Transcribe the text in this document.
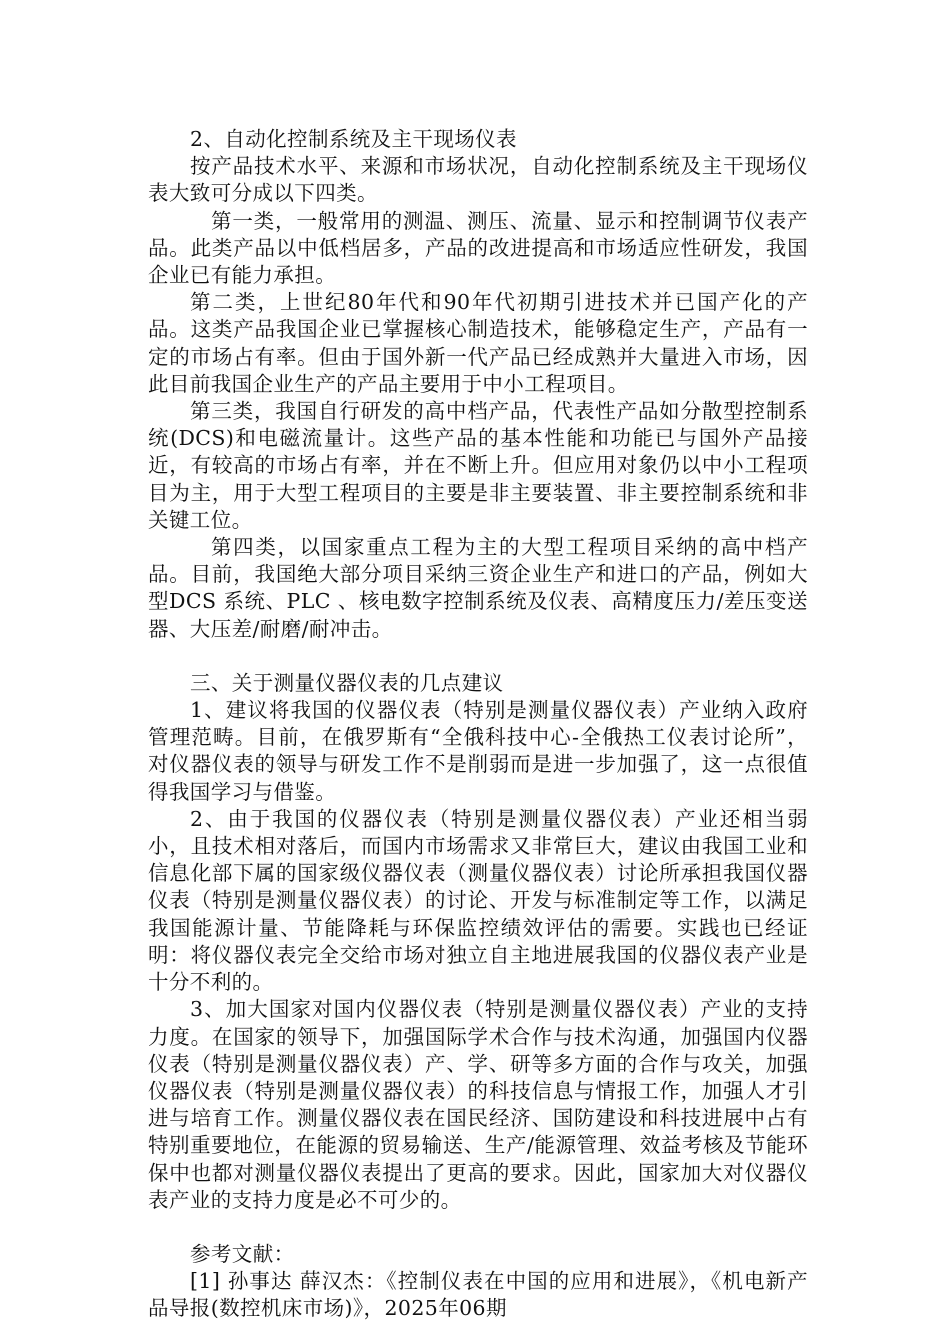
2、自动化控制系统及主干现场仪表

按产品技术水平、来源和市场状况，自动化控制系统及主干现场仪表大致可分成以下四类。

第一类，一般常用的测温、测压、流量、显示和控制调节仪表产品。此类产品以中低档居多，产品的改进提高和市场适应性研发，我国企业已有能力承担。

第二类，上世纪80年代和90年代初期引进技术并已国产化的产品。这类产品我国企业已掌握核心制造技术，能够稳定生产，产品有一定的市场占有率。但由于国外新一代产品已经成熟并大量进入市场，因此目前我国企业生产的产品主要用于中小工程项目。

第三类，我国自行研发的高中档产品，代表性产品如分散型控制系统(DCS)和电磁流量计。这些产品的基本性能和功能已与国外产品接近，有较高的市场占有率，并在不断上升。但应用对象仍以中小工程项目为主，用于大型工程项目的主要是非主要装置、非主要控制系统和非关键工位。

第四类，以国家重点工程为主的大型工程项目采纳的高中档产品。目前，我国绝大部分项目采纳三资企业生产和进口的产品，例如大型DCS 系统、PLC 、核电数字控制系统及仪表、高精度压力/差压变送器、大压差/耐磨/耐冲击。

三、关于测量仪器仪表的几点建议

1、建议将我国的仪器仪表（特别是测量仪器仪表）产业纳入政府管理范畴。目前，在俄罗斯有“全俄科技中心-全俄热工仪表讨论所”， 对仪器仪表的领导与研发工作不是削弱而是进一步加强了，这一点很值得我国学习与借鉴。

2、由于我国的仪器仪表（特别是测量仪器仪表）产业还相当弱小，且技术相对落后，而国内市场需求又非常巨大，建议由我国工业和信息化部下属的国家级仪器仪表（测量仪器仪表）讨论所承担我国仪器仪表（特别是测量仪器仪表）的讨论、开发与标准制定等工作，以满足我国能源计量、节能降耗与环保监控绩效评估的需要。实践也已经证明：将仪器仪表完全交给市场对独立自主地进展我国的仪器仪表产业是十分不利的。

3、加大国家对国内仪器仪表（特别是测量仪器仪表）产业的支持力度。在国家的领导下，加强国际学术合作与技术沟通，加强国内仪器仪表（特别是测量仪器仪表）产、学、研等多方面的合作与攻关，加强仪器仪表（特别是测量仪器仪表）的科技信息与情报工作，加强人才引进与培育工作。测量仪器仪表在国民经济、国防建设和科技进展中占有特别重要地位，在能源的贸易输送、生产/能源管理、效益考核及节能环保中也都对测量仪器仪表提出了更高的要求。因此，国家加大对仪器仪表产业的支持力度是必不可少的。

参考文献：

[1] 孙事达 薛汉杰：《控制仪表在中国的应用和进展》，《机电新产品导报(数控机床市场)》，2025年06期
